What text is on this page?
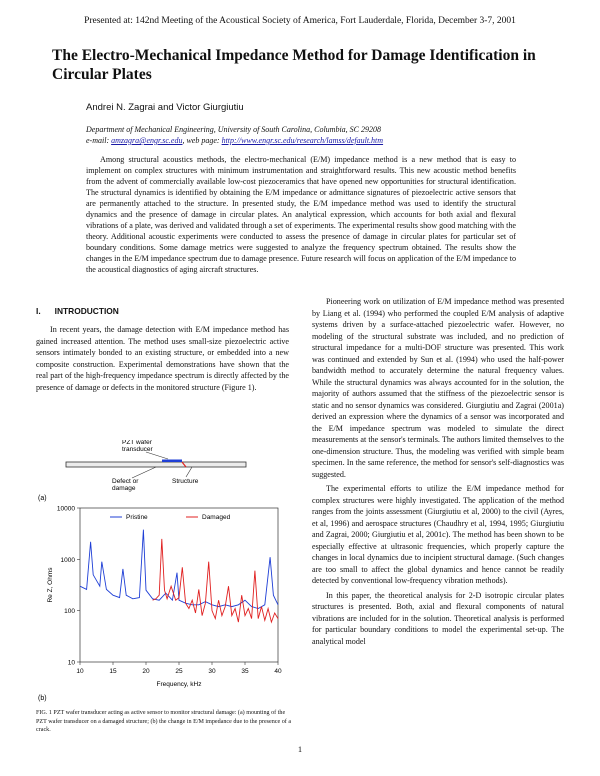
Presented at: 142nd Meeting of the Acoustical Society of America, Fort Lauderdale, Florida, December 3-7, 2001
The Electro-Mechanical Impedance Method for Damage Identification in Circular Plates
Andrei N. Zagrai and Victor Giurgiutiu
Department of Mechanical Engineering, University of South Carolina, Columbia, SC 29208
e-mail: amzagra@engr.sc.edu, web page: http://www.engr.sc.edu/research/lamss/default.htm
Among structural acoustics methods, the electro-mechanical (E/M) impedance method is a new method that is easy to implement on complex structures with minimum instrumentation and straightforward results. This new acoustic method benefits from the advent of commercially available low-cost piezoceramics that have opened new opportunities for structural identification. The structural dynamics is identified by obtaining the E/M impedance or admittance signatures of piezoelectric active sensors that are permanently attached to the structure. In presented study, the E/M impedance method was used to identify the structural dynamics and the presence of damage in circular plates. An analytical expression, which accounts for both axial and flexural vibrations of a plate, was derived and validated through a set of experiments. The experimental results show good matching with the theory. Additional acoustic experiments were conducted to assess the presence of damage in circular plates for particular set of boundary conditions. Some damage metrics were suggested to analyze the frequency spectrum obtained. The results show the changes in the E/M impedance spectrum due to damage presence. Future research will focus on application of the E/M impedance to the acoustical diagnostics of aging aircraft structures.
I. INTRODUCTION

In recent years, the damage detection with E/M impedance method has gained increased attention. The method uses small-size piezoelectric active sensors intimately bonded to an existing structure, or embedded into a new composite construction. Experimental demonstrations have shown that the real part of the high-frequency impedance spectrum is directly affected by the presence of damage or defects in the monitored structure (Figure 1).

(a)
PZT wafer
transducer
Defect or
damage
Structure
(b)
10
100
1000
10000
10	15	20	25	30	35	40
Frequency, kHz
Re Z, Ohms
Pristine	Damaged
FIG. 1 PZT wafer transducer acting as active sensor to monitor structural damage: (a) mounting of the PZT wafer transducer on a damaged structure; (b) the change in E/M impedance due to the presence of a crack.

Pioneering work on utilization of E/M impedance method was presented by Liang et al. (1994) who performed the coupled E/M analysis of adaptive systems driven by a surface-attached piezoelectric wafer. However, no modeling of the structural substrate was included, and no prediction of structural impedance for a multi-DOF structure was presented. This work was continued and extended by Sun et al. (1994) who used the half-power bandwidth method to accurately determine the natural frequency values. While the structural dynamics was always accounted for in the solution, the majority of authors assumed that the stiffness of the piezoelectric sensor is static and no sensor dynamics was considered. Giurgiutiu and Zagrai (2001a) derived an expression where the dynamics of a sensor was incorporated and the E/M impedance spectrum was modeled to simulate the direct measurements at the sensor's terminals. The authors limited themselves to the one-dimension structure. Thus, the modeling was verified with simple beam specimen. In the same reference, the method for sensor's self-diagnostics was suggested.

The experimental efforts to utilize the E/M impedance method for complex structures were highly investigated. The application of the method ranges from the joints assessment (Giurgiutiu et al, 2000) to the civil (Ayres, et al, 1996) and aerospace structures (Chaudhry et al, 1994, 1995; Giurgiutiu and Zagrai, 2000; Giurgiutiu et al, 2001c). The method has been shown to be especially effective at ultrasonic frequencies, which properly capture the changes in local dynamics due to incipient structural damage. (Such changes are too small to affect the global dynamics and hence cannot be readily detected by conventional low-frequency vibration methods).

In this paper, the theoretical analysis for 2-D isotropic circular plates structures is presented. Both, axial and flexural components of natural vibrations are included for in the solution. Theoretical analysis is performed for particular boundary conditions to model the experimental set-up. The analytical model

1
